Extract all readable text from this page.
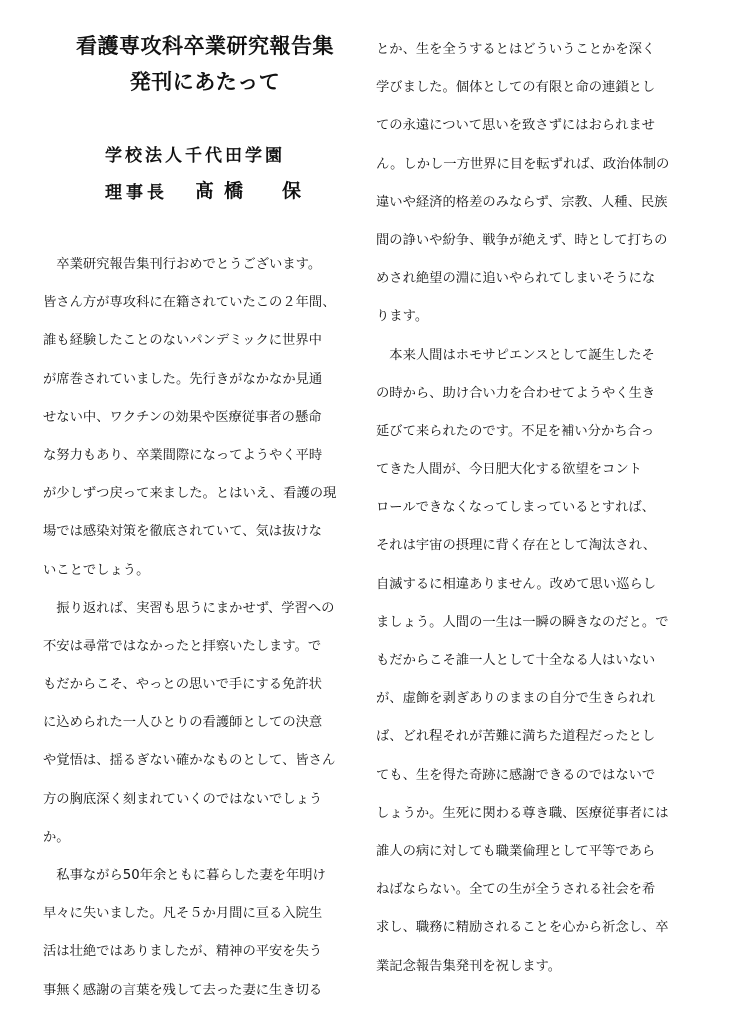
看護専攻科卒業研究報告集
発刊にあたって
学校法人千代田学園
理事長 髙橋　保
　卒業研究報告集刊行おめでとうございます。
皆さん方が専攻科に在籍されていたこの２年間、
誰も経験したことのないパンデミックに世界中
が席巻されていました。先行きがなかなか見通
せない中、ワクチンの効果や医療従事者の懸命
な努力もあり、卒業間際になってようやく平時
が少しずつ戻って来ました。とはいえ、看護の現
場では感染対策を徹底されていて、気は抜けな
いことでしょう。
　振り返れば、実習も思うにまかせず、学習への
不安は尋常ではなかったと拝察いたします。で
もだからこそ、やっとの思いで手にする免許状
に込められた一人ひとりの看護師としての決意
や覚悟は、揺るぎない確かなものとして、皆さん
方の胸底深く刻まれていくのではないでしょう
か。
　私事ながら50年余ともに暮らした妻を年明け
早々に失いました。凡そ５か月間に亘る入院生
活は壮絶ではありましたが、精神の平安を失う
事無く感謝の言葉を残して去った妻に生き切る
とか、生を全うするとはどういうことかを深く
学びました。個体としての有限と命の連鎖とし
ての永遠について思いを致さずにはおられませ
ん。しかし一方世界に目を転ずれば、政治体制の
違いや経済的格差のみならず、宗教、人種、民族
間の諍いや紛争、戦争が絶えず、時として打ちの
めされ絶望の淵に追いやられてしまいそうにな
ります。
　本来人間はホモサピエンスとして誕生したそ
の時から、助け合い力を合わせてようやく生き
延びて来られたのです。不足を補い分かち合っ
てきた人間が、今日肥大化する欲望をコント
ロールできなくなってしまっているとすれば、
それは宇宙の摂理に背く存在として淘汰され、
自滅するに相違ありません。改めて思い巡らし
ましょう。人間の一生は一瞬の瞬きなのだと。で
もだからこそ誰一人として十全なる人はいない
が、虚飾を剥ぎありのままの自分で生きられれ
ば、どれ程それが苦難に満ちた道程だったとし
ても、生を得た奇跡に感謝できるのではないで
しょうか。生死に関わる尊き職、医療従事者には
誰人の病に対しても職業倫理として平等であら
ねばならない。全ての生が全うされる社会を希
求し、職務に精励されることを心から祈念し、卒
業記念報告集発刊を祝します。
